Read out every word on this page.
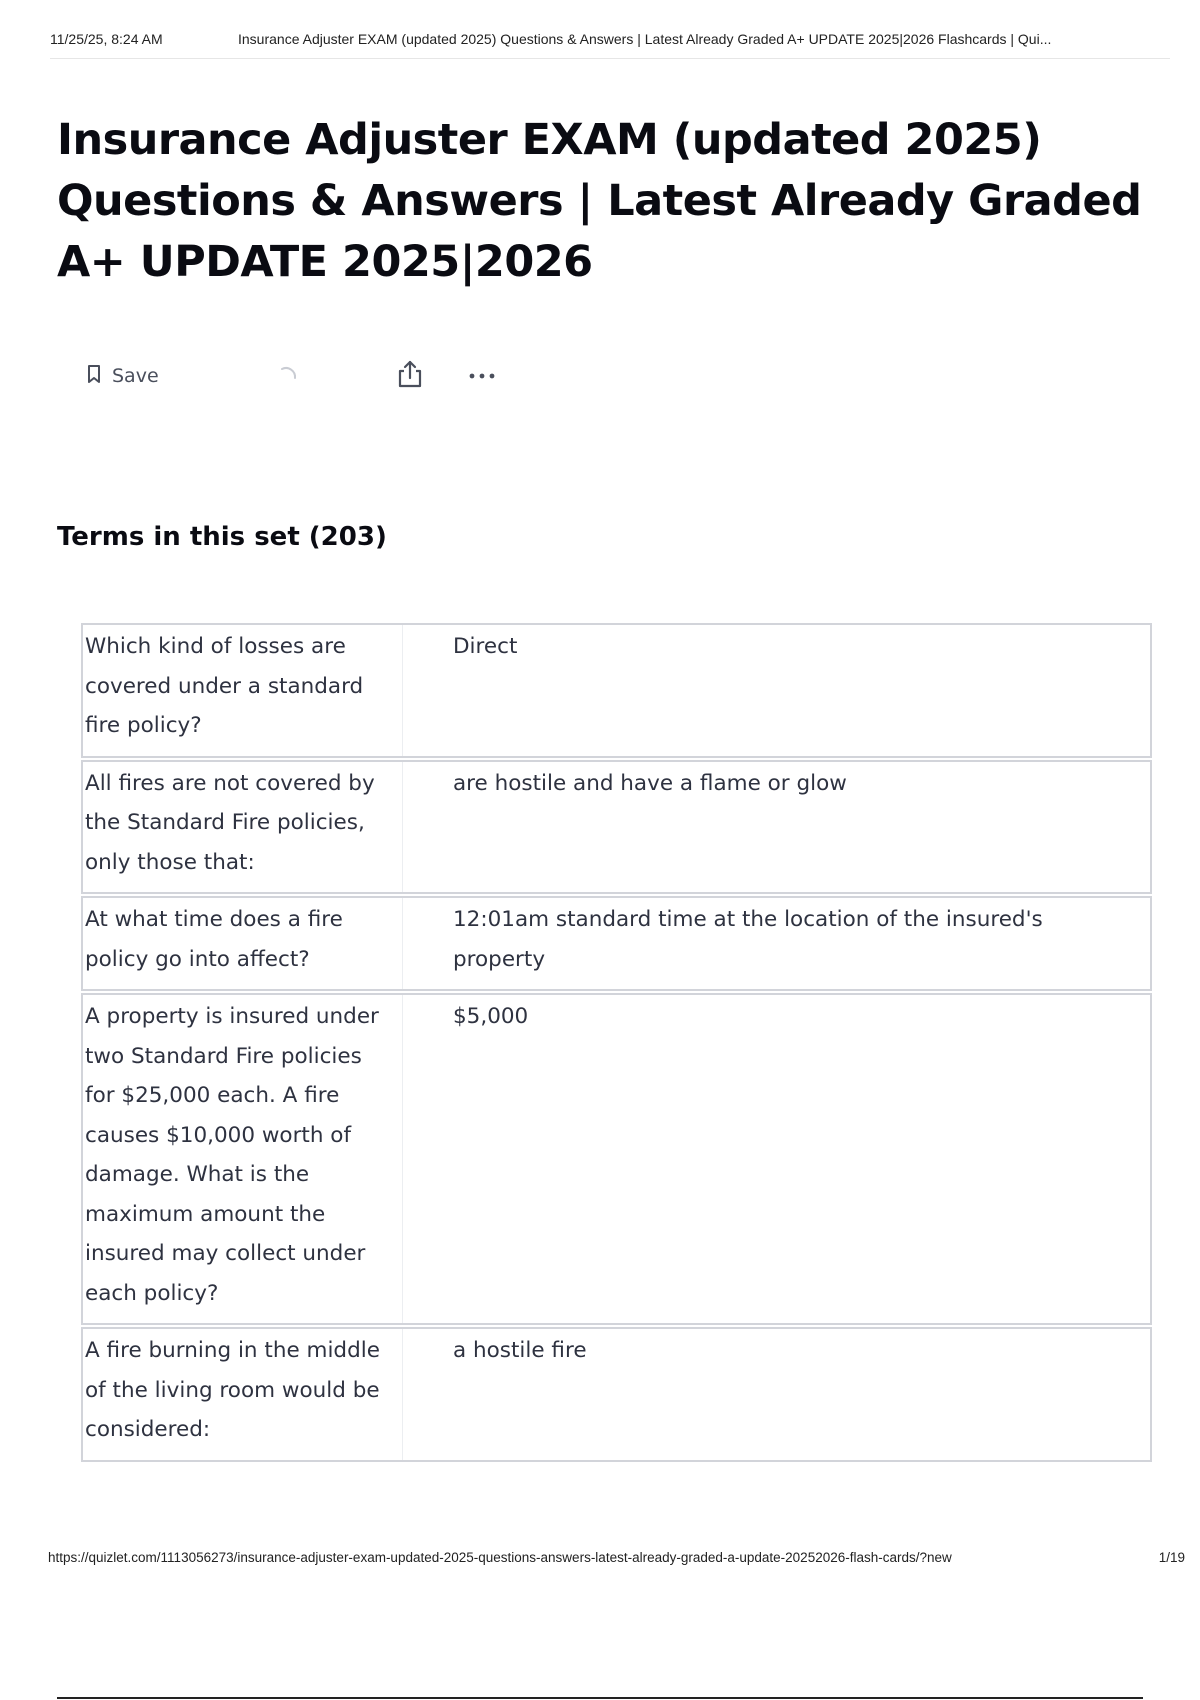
11/25/25, 8:24 AM	Insurance Adjuster EXAM (updated 2025) Questions & Answers | Latest Already Graded A+ UPDATE 2025|2026 Flashcards | Qui...
Insurance Adjuster EXAM (updated 2025) Questions & Answers | Latest Already Graded A+ UPDATE 2025|2026
Save
Terms in this set (203)
Which kind of losses are covered under a standard fire policy?
Direct
All fires are not covered by the Standard Fire policies, only those that:
are hostile and have a flame or glow
At what time does a fire policy go into affect?
12:01am standard time at the location of the insured's property
A property is insured under two Standard Fire policies for $25,000 each. A fire causes $10,000 worth of damage. What is the maximum amount the insured may collect under each policy?
$5,000
A fire burning in the middle of the living room would be considered:
a hostile fire
https://quizlet.com/1113056273/insurance-adjuster-exam-updated-2025-questions-answers-latest-already-graded-a-update-20252026-flash-cards/?new	1/19
